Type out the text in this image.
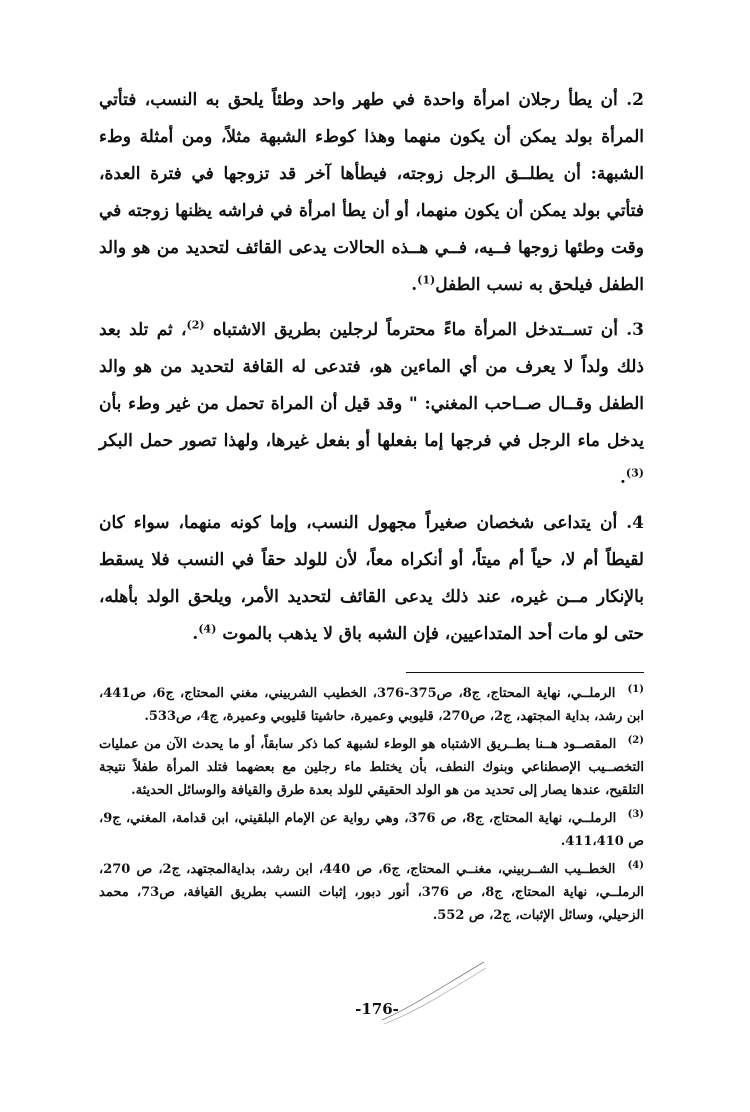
2. أن يطأ رجلان امرأة واحدة في طهر واحد وطئاً يلحق به النسب، فتأتي المرأة بولد يمكن أن يكون منهما وهذا كوطء الشبهة مثلاً، ومن أمثلة وطء الشبهة: أن يطلــق الرجل زوجته، فيطأها آخر قد تزوجها في فترة العدة، فتأتي بولد يمكن أن يكون منهما، أو أن يطأ امرأة في فراشه يظنها زوجته في وقت وطئها زوجها فــيه، فــي هــذه الحالات يدعى القائف لتحديد من هو والد الطفل فيلحق به نسب الطفل$^{(1)}$.

3. أن تســتدخل المرأة ماءً محترماً لرجلين بطريق الاشتباه $^{(2)}$، ثم تلد بعد ذلك ولداً لا يعرف من أي الماءين هو، فتدعى له القافة لتحديد من هو والد الطفل وقــال صــاحب المغني: " وقد قيل أن المراة تحمل من غير وطء بأن يدخل ماء الرجل في فرجها إما بفعلها أو بفعل غيرها، ولهذا تصور حمل البكر $^{(3)}$.

4. أن يتداعى شخصان صغيراً مجهول النسب، وإما كونه منهما، سواء كان لقيطاً أم لا، حياً أم ميتاً، أو أنكراه معاً، لأن للولد حقاً في النسب فلا يسقط بالإنكار مــن غيره، عند ذلك يدعى القائف لتحديد الأمر، ويلحق الولد بأهله، حتى لو مات أحد المتداعيين، فإن الشبه باق لا يذهب بالموت $^{(4)}$.

$^{(1)}$ الرملــي، نهاية المحتاج، ج8، ص375-376، الخطيب الشربيني، مغني المحتاج، ج6، ص441، ابن رشد، بداية المجتهد، ج2، ص270، قليوبي وعميرة، حاشيتا قليوبي وعميرة، ج4، ص533.
$^{(2)}$ المقصــود هــنا بطــريق الاشتباه هو الوطء لشبهة كما ذكر سابقاً، أو ما يحدث الآن من عمليات التخصــيب الإصطناعي وبنوك النطف، بأن يختلط ماء رجلين مع بعضهما فتلد المرأة طفلاً نتيجة التلقيح، عندها يصار إلى تحديد من هو الولد الحقيقي للولد بعدة طرق والقيافة والوسائل الحديثة.
$^{(3)}$ الرملــي، نهاية المحتاج، ج8، ص 376، وهي رواية عن الإمام البلقيني، ابن قدامة، المغني، ج9، ص 411،410.
$^{(4)}$ الخطــيب الشــربيني، مغنــي المحتاج، ج6، ص 440، ابن رشد، بدايةالمجتهد، ج2، ص 270، الرملــي، نهاية المحتاج، ج8، ص 376، أنور دبور، إثبات النسب بطريق القيافة، ص73، محمد الزحيلي، وسائل الإثبات، ج2، ص 552.
-176-
